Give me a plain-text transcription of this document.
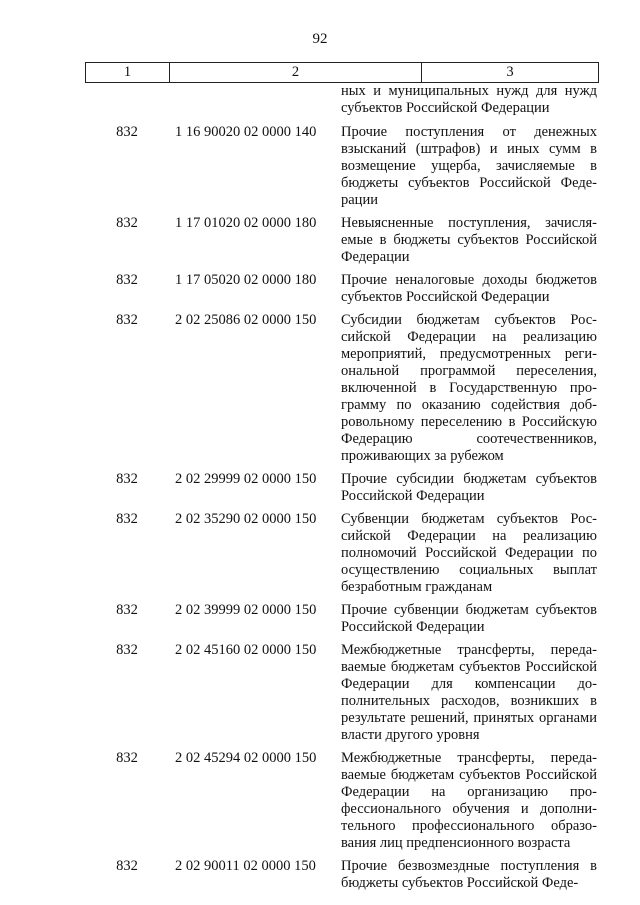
92
1	2	3
ных и муниципальных нужд для нужд субъектов Российской Федерации
832	1 16 90020 02 0000 140	Прочие поступления от денежных взысканий (штрафов) и иных сумм в возмещение ущерба, зачисляемые в бюджеты субъектов Российской Федерации
832	1 17 01020 02 0000 180	Невыясненные поступления, зачисляемые в бюджеты субъектов Российской Федерации
832	1 17 05020 02 0000 180	Прочие неналоговые доходы бюджетов субъектов Российской Федерации
832	2 02 25086 02 0000 150	Субсидии бюджетам субъектов Российской Федерации на реализацию мероприятий, предусмотренных региональной программой переселения, включенной в Государственную программу по оказанию содействия добровольному переселению в Российскую Федерацию соотечественников, проживающих за рубежом
832	2 02 29999 02 0000 150	Прочие субсидии бюджетам субъектов Российской Федерации
832	2 02 35290 02 0000 150	Субвенции бюджетам субъектов Российской Федерации на реализацию полномочий Российской Федерации по осуществлению социальных выплат безработным гражданам
832	2 02 39999 02 0000 150	Прочие субвенции бюджетам субъектов Российской Федерации
832	2 02 45160 02 0000 150	Межбюджетные трансферты, передаваемые бюджетам субъектов Российской Федерации для компенсации дополнительных расходов, возникших в результате решений, принятых органами власти другого уровня
832	2 02 45294 02 0000 150	Межбюджетные трансферты, передаваемые бюджетам субъектов Российской Федерации на организацию профессионального обучения и дополнительного профессионального образования лиц предпенсионного возраста
832	2 02 90011 02 0000 150	Прочие безвозмездные поступления в бюджеты субъектов Российской Феде-
